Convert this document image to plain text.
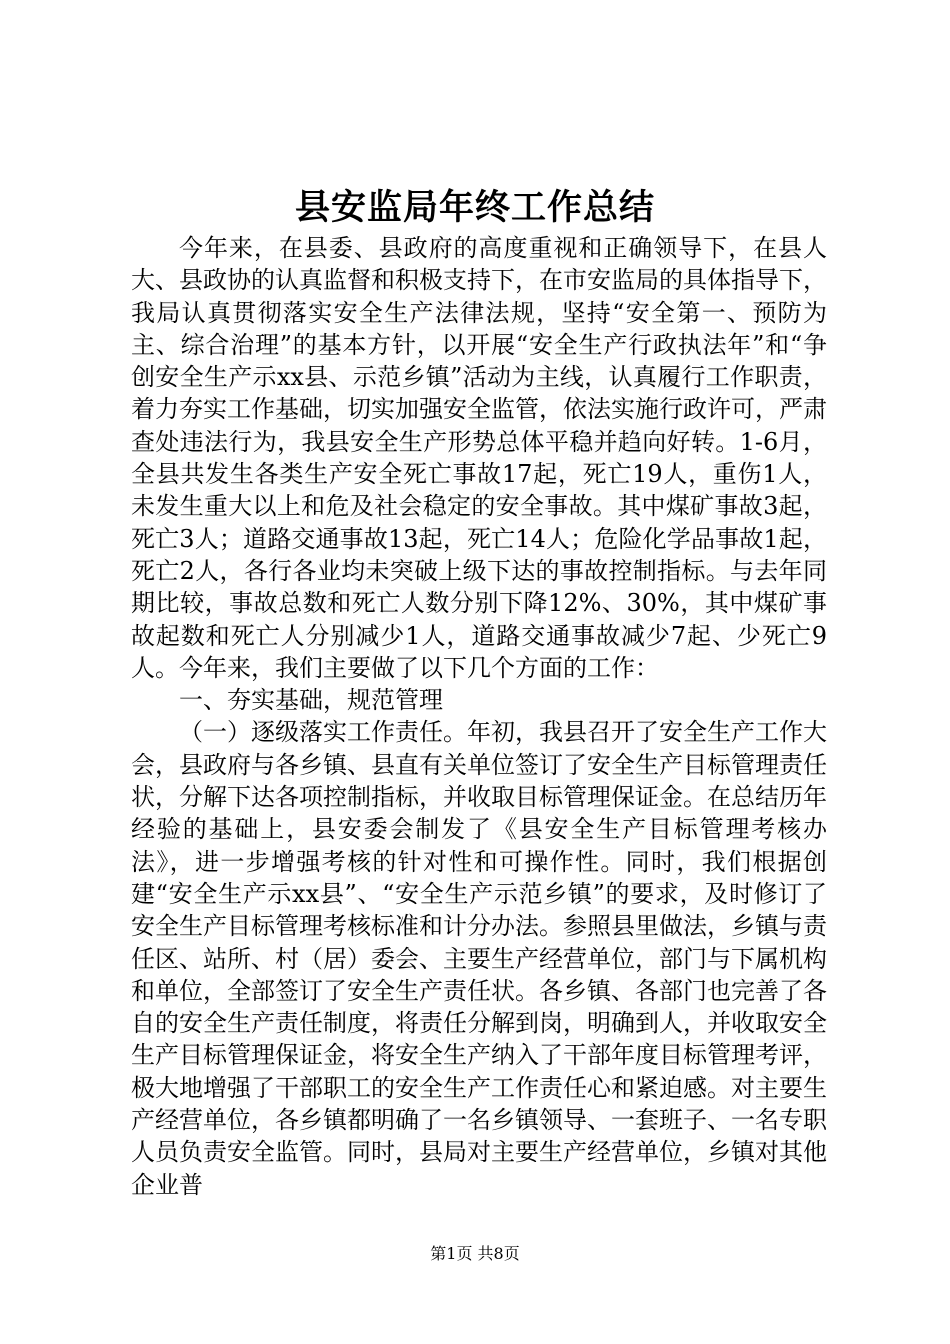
县安监局年终工作总结

今年来，在县委、县政府的高度重视和正确领导下，在县人大、县政协的认真监督和积极支持下，在市安监局的具体指导下，我局认真贯彻落实安全生产法律法规，坚持“安全第一、预防为主、综合治理”的基本方针，以开展“安全生产行政执法年”和“争创安全生产示xx县、示范乡镇”活动为主线，认真履行工作职责，着力夯实工作基础，切实加强安全监管，依法实施行政许可，严肃查处违法行为，我县安全生产形势总体平稳并趋向好转。1-6月，全县共发生各类生产安全死亡事故17起，死亡19人，重伤1人，未发生重大以上和危及社会稳定的安全事故。其中煤矿事故3起，死亡3人；道路交通事故13起，死亡14人；危险化学品事故1起，死亡2人，各行各业均未突破上级下达的事故控制指标。与去年同期比较，事故总数和死亡人数分别下降12%、30%，其中煤矿事故起数和死亡人分别减少1人，道路交通事故减少7起、少死亡9人。今年来，我们主要做了以下几个方面的工作：

一、夯实基础，规范管理

（一）逐级落实工作责任。年初，我县召开了安全生产工作大会，县政府与各乡镇、县直有关单位签订了安全生产目标管理责任状，分解下达各项控制指标，并收取目标管理保证金。在总结历年经验的基础上，县安委会制发了《县安全生产目标管理考核办法》，进一步增强考核的针对性和可操作性。同时，我们根据创建“安全生产示xx县”、“安全生产示范乡镇”的要求，及时修订了安全生产目标管理考核标准和计分办法。参照县里做法，乡镇与责任区、站所、村（居）委会、主要生产经营单位，部门与下属机构和单位，全部签订了安全生产责任状。各乡镇、各部门也完善了各自的安全生产责任制度，将责任分解到岗，明确到人，并收取安全生产目标管理保证金，将安全生产纳入了干部年度目标管理考评，极大地增强了干部职工的安全生产工作责任心和紧迫感。对主要生产经营单位，各乡镇都明确了一名乡镇领导、一套班子、一名专职人员负责安全监管。同时，县局对主要生产经营单位，乡镇对其他企业普

第1页 共8页
